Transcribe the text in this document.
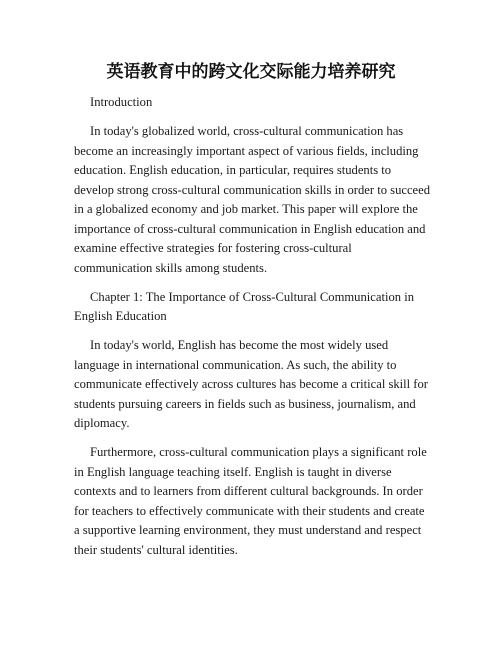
英语教育中的跨文化交际能力培养研究

Introduction

In today's globalized world, cross-cultural communication has become an increasingly important aspect of various fields, including education. English education, in particular, requires students to develop strong cross-cultural communication skills in order to succeed in a globalized economy and job market. This paper will explore the importance of cross-cultural communication in English education and examine effective strategies for fostering cross-cultural communication skills among students.

Chapter 1: The Importance of Cross-Cultural Communication in English Education

In today's world, English has become the most widely used language in international communication. As such, the ability to communicate effectively across cultures has become a critical skill for students pursuing careers in fields such as business, journalism, and diplomacy.

Furthermore, cross-cultural communication plays a significant role in English language teaching itself. English is taught in diverse contexts and to learners from different cultural backgrounds. In order for teachers to effectively communicate with their students and create a supportive learning environment, they must understand and respect their students' cultural identities.
